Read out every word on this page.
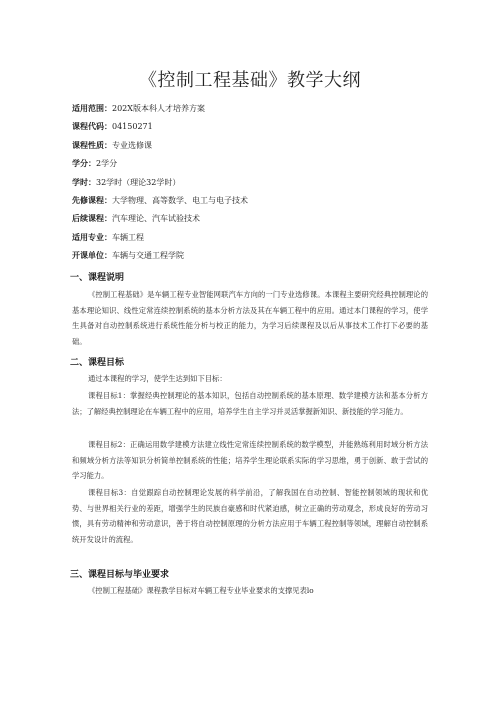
《控制工程基础》教学大纲
适用范围：202X版本科人才培养方案
课程代码：04150271
课程性质：专业选修课
学分：2学分
学时：32学时（理论32学时）
先修课程：大学物理、高等数学、电工与电子技术
后续课程：汽车理论、汽车试验技术
适用专业：车辆工程
开课单位：车辆与交通工程学院
一、课程说明
《控制工程基础》是车辆工程专业智能网联汽车方向的一门专业选修课。本课程主要研究经典控制理论的基本理论知识、线性定常连续控制系统的基本分析方法及其在车辆工程中的应用。通过本门课程的学习，使学生具备对自动控制系统进行系统性能分析与校正的能力，为学习后续课程及以后从事技术工作打下必要的基础。
二、课程目标
通过本课程的学习，使学生达到如下目标：
课程目标1：掌握经典控制理论的基本知识，包括自动控制系统的基本原理、数学建模方法和基本分析方法；了解经典控制理论在车辆工程中的应用，培养学生自主学习并灵活掌握新知识、新技能的学习能力。
课程目标2：正确运用数学建模方法建立线性定常连续控制系统的数学模型，并能熟练利用时域分析方法和频域分析方法等知识分析简单控制系统的性能；培养学生理论联系实际的学习思维，勇于创新、敢于尝试的学习能力。
课程目标3：自觉跟踪自动控制理论发展的科学前沿，了解我国在自动控制、智能控制领域的现状和优势、与世界相关行业的差距，增强学生的民族自豪感和时代紧迫感，树立正确的劳动观念，形成良好的劳动习惯，具有劳动精神和劳动意识，善于将自动控制原理的分析方法应用于车辆工程控制等领域，理解自动控制系统开发设计的流程。
三、课程目标与毕业要求
《控制工程基础》课程教学目标对车辆工程专业毕业要求的支撑见表lo
